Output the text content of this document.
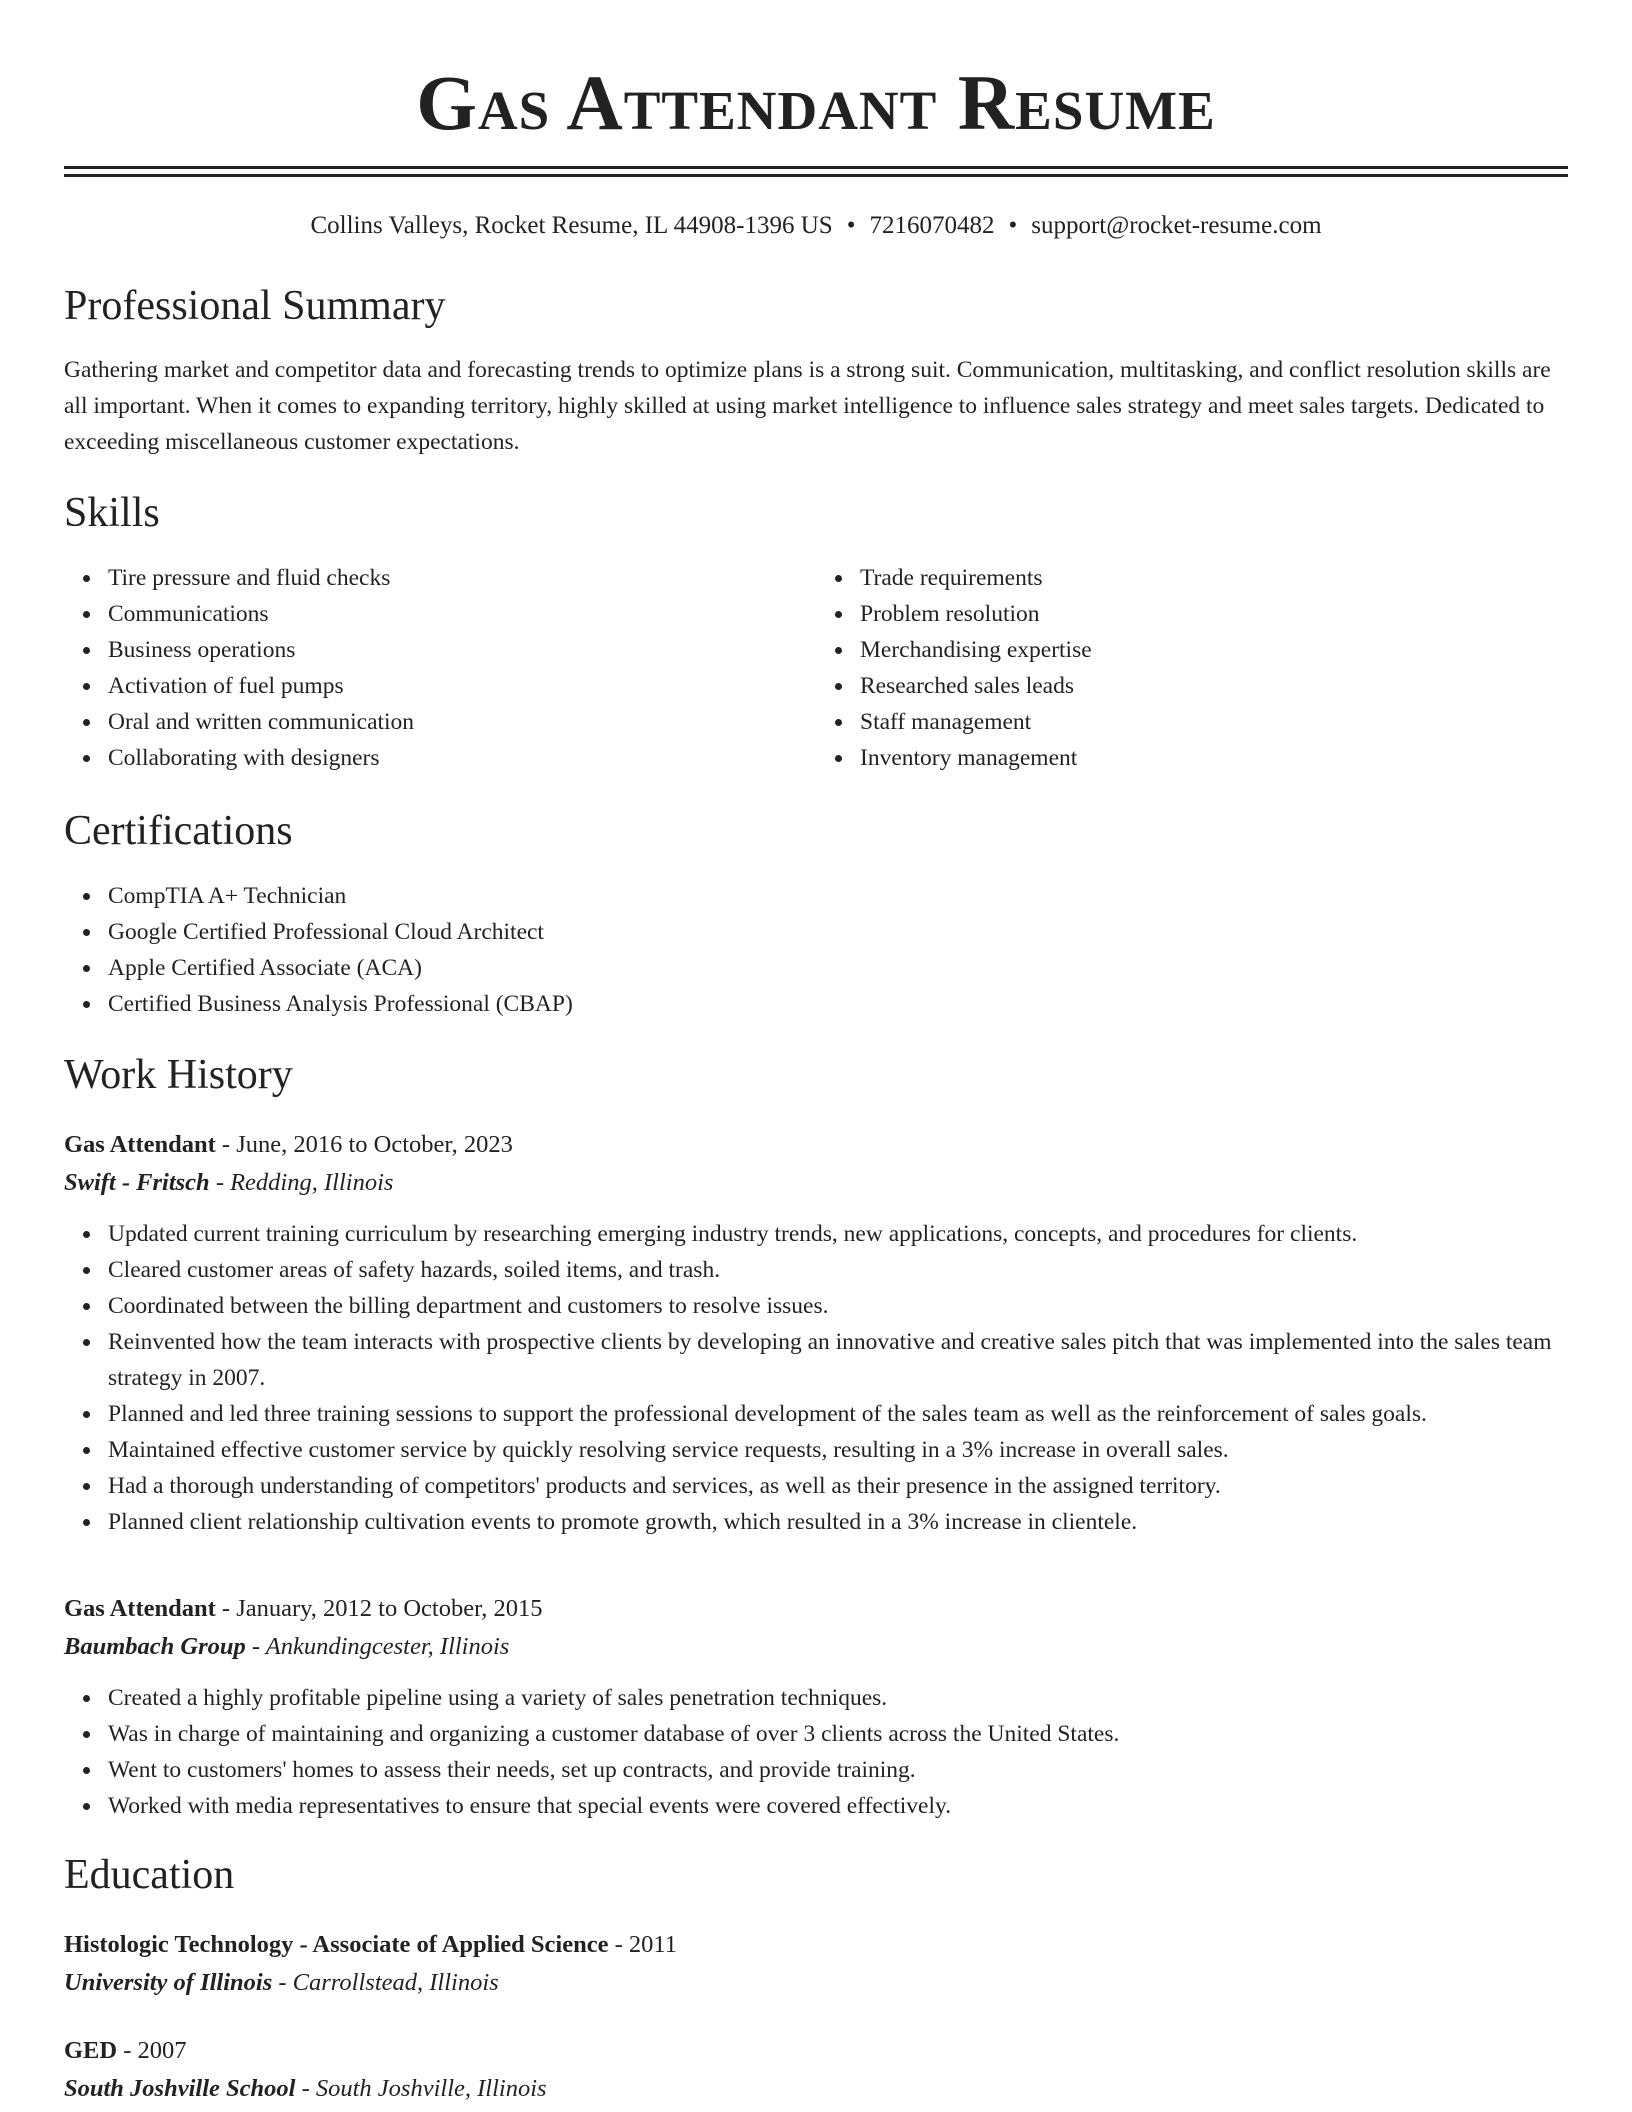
Gas Attendant Resume
Collins Valleys, Rocket Resume, IL 44908-1396 US • 7216070482 • support@rocket-resume.com
Professional Summary

Gathering market and competitor data and forecasting trends to optimize plans is a strong suit. Communication, multitasking, and conflict resolution skills are all important. When it comes to expanding territory, highly skilled at using market intelligence to influence sales strategy and meet sales targets. Dedicated to exceeding miscellaneous customer expectations.

Skills
Tire pressure and fluid checks
Communications
Business operations
Activation of fuel pumps
Oral and written communication
Collaborating with designers
Trade requirements
Problem resolution
Merchandising expertise
Researched sales leads
Staff management
Inventory management
Certifications
CompTIA A+ Technician
Google Certified Professional Cloud Architect
Apple Certified Associate (ACA)
Certified Business Analysis Professional (CBAP)
Work History
Gas Attendant - June, 2016 to October, 2023
Swift - Fritsch - Redding, Illinois
Updated current training curriculum by researching emerging industry trends, new applications, concepts, and procedures for clients.
Cleared customer areas of safety hazards, soiled items, and trash.
Coordinated between the billing department and customers to resolve issues.
Reinvented how the team interacts with prospective clients by developing an innovative and creative sales pitch that was implemented into the sales team strategy in 2007.
Planned and led three training sessions to support the professional development of the sales team as well as the reinforcement of sales goals.
Maintained effective customer service by quickly resolving service requests, resulting in a 3% increase in overall sales.
Had a thorough understanding of competitors' products and services, as well as their presence in the assigned territory.
Planned client relationship cultivation events to promote growth, which resulted in a 3% increase in clientele.
Gas Attendant - January, 2012 to October, 2015
Baumbach Group - Ankundingcester, Illinois
Created a highly profitable pipeline using a variety of sales penetration techniques.
Was in charge of maintaining and organizing a customer database of over 3 clients across the United States.
Went to customers' homes to assess their needs, set up contracts, and provide training.
Worked with media representatives to ensure that special events were covered effectively.
Education
Histologic Technology - Associate of Applied Science - 2011
University of Illinois - Carrollstead, Illinois
GED - 2007
South Joshville School - South Joshville, Illinois
